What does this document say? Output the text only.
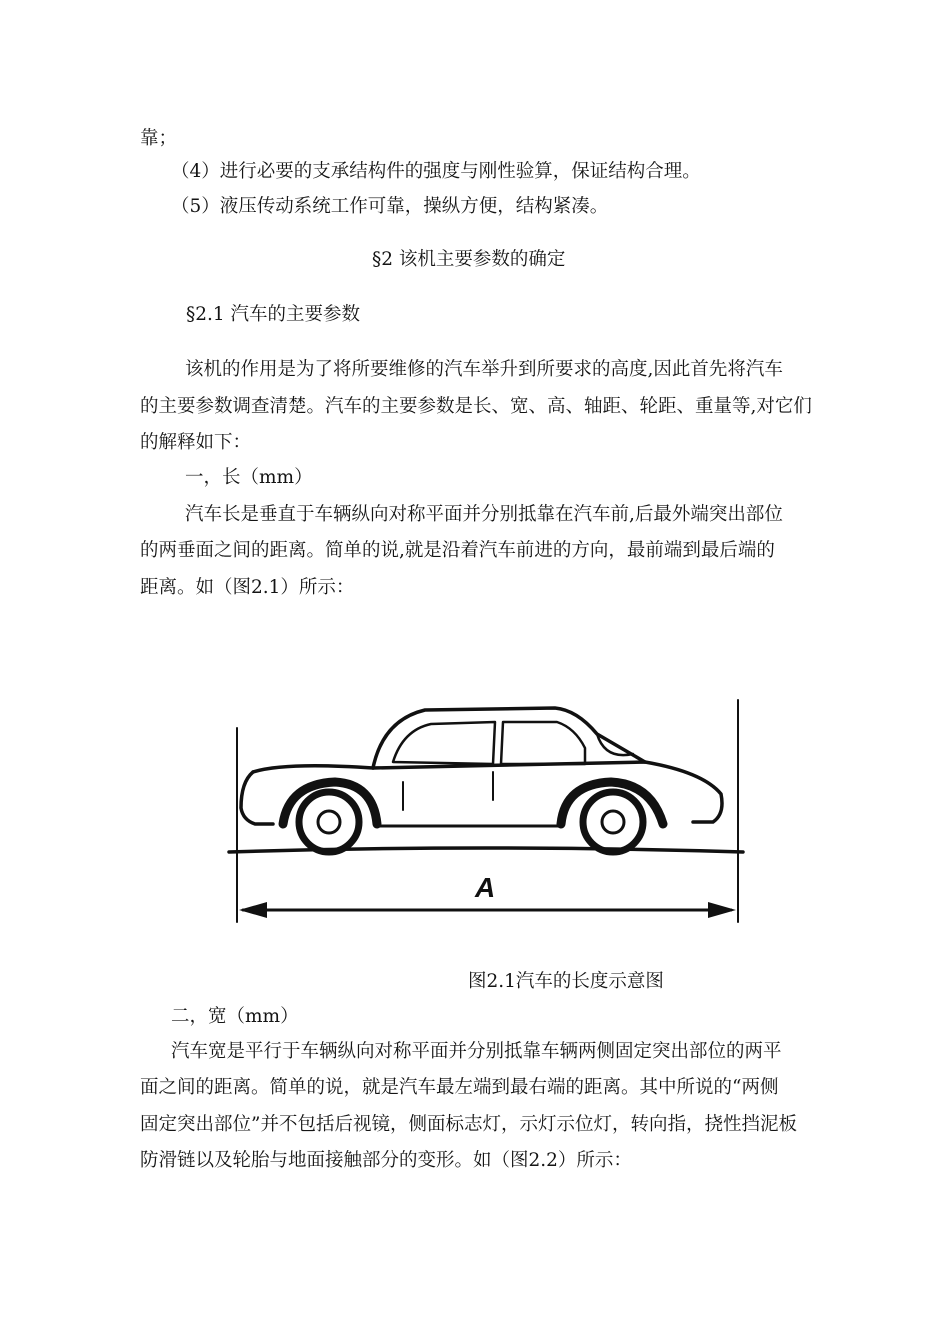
靠；
（4）进行必要的支承结构件的强度与刚性验算，保证结构合理。
（5）液压传动系统工作可靠，操纵方便，结构紧凑。
§2 该机主要参数的确定
§2.1 汽车的主要参数
该机的作用是为了将所要维修的汽车举升到所要求的高度,因此首先将汽车
的主要参数调查清楚。汽车的主要参数是长、宽、高、轴距、轮距、重量等,对它们
的解释如下：
一，长（mm）
汽车长是垂直于车辆纵向对称平面并分别抵靠在汽车前,后最外端突出部位
的两垂面之间的距离。简单的说,就是沿着汽车前进的方向，最前端到最后端的
距离。如（图2.1）所示：
A
图2.1汽车的长度示意图
二，宽（mm）
汽车宽是平行于车辆纵向对称平面并分别抵靠车辆两侧固定突出部位的两平
面之间的距离。简单的说，就是汽车最左端到最右端的距离。其中所说的“两侧
固定突出部位”并不包括后视镜，侧面标志灯，示灯示位灯，转向指，挠性挡泥板
防滑链以及轮胎与地面接触部分的变形。如（图2.2）所示：
